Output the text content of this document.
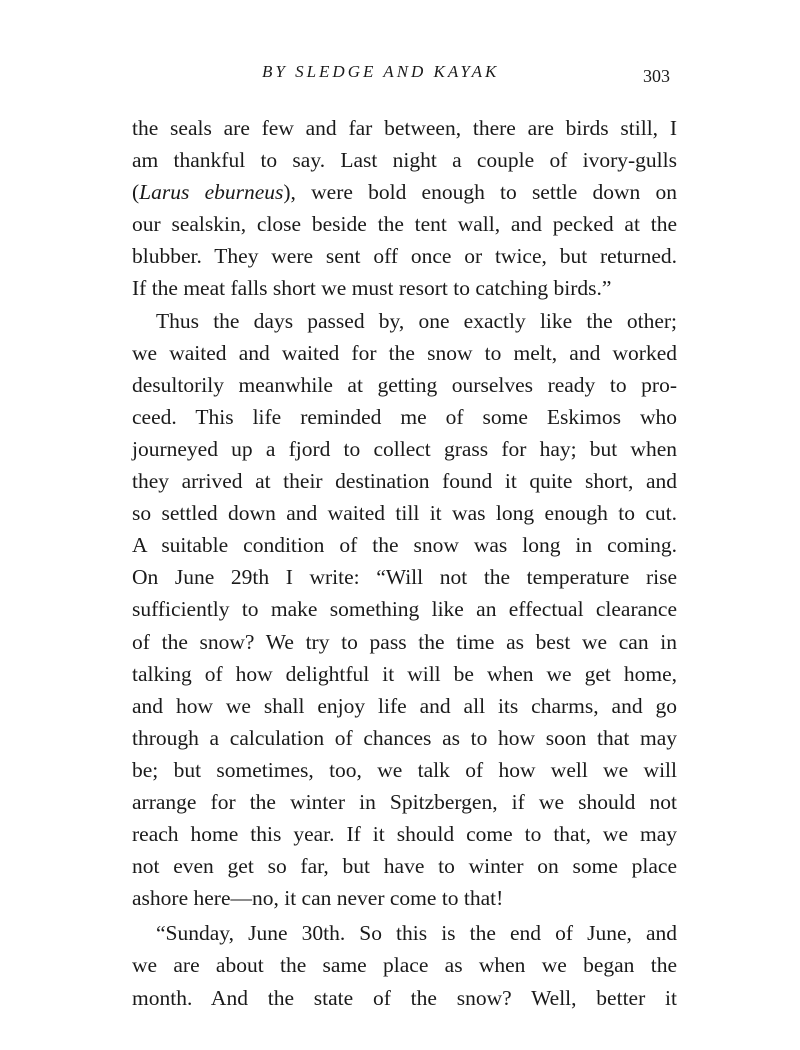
BY SLEDGE AND KAYAK	303
the seals are few and far between, there are birds still, I
am thankful to say. Last night a couple of ivory-gulls
(Larus eburneus), were bold enough to settle down on
our sealskin, close beside the tent wall, and pecked at the
blubber. They were sent off once or twice, but returned.
If the meat falls short we must resort to catching birds.”
Thus the days passed by, one exactly like the other;
we waited and waited for the snow to melt, and worked
desultorily meanwhile at getting ourselves ready to pro-
ceed. This life reminded me of some Eskimos who
journeyed up a fjord to collect grass for hay; but when
they arrived at their destination found it quite short, and
so settled down and waited till it was long enough to cut.
A suitable condition of the snow was long in coming.
On June 29th I write: “Will not the temperature rise
sufficiently to make something like an effectual clearance
of the snow? We try to pass the time as best we can in
talking of how delightful it will be when we get home,
and how we shall enjoy life and all its charms, and go
through a calculation of chances as to how soon that may
be; but sometimes, too, we talk of how well we will
arrange for the winter in Spitzbergen, if we should not
reach home this year. If it should come to that, we may
not even get so far, but have to winter on some place
ashore here—no, it can never come to that!
“Sunday, June 30th. So this is the end of June, and
we are about the same place as when we began the
month. And the state of the snow? Well, better it
